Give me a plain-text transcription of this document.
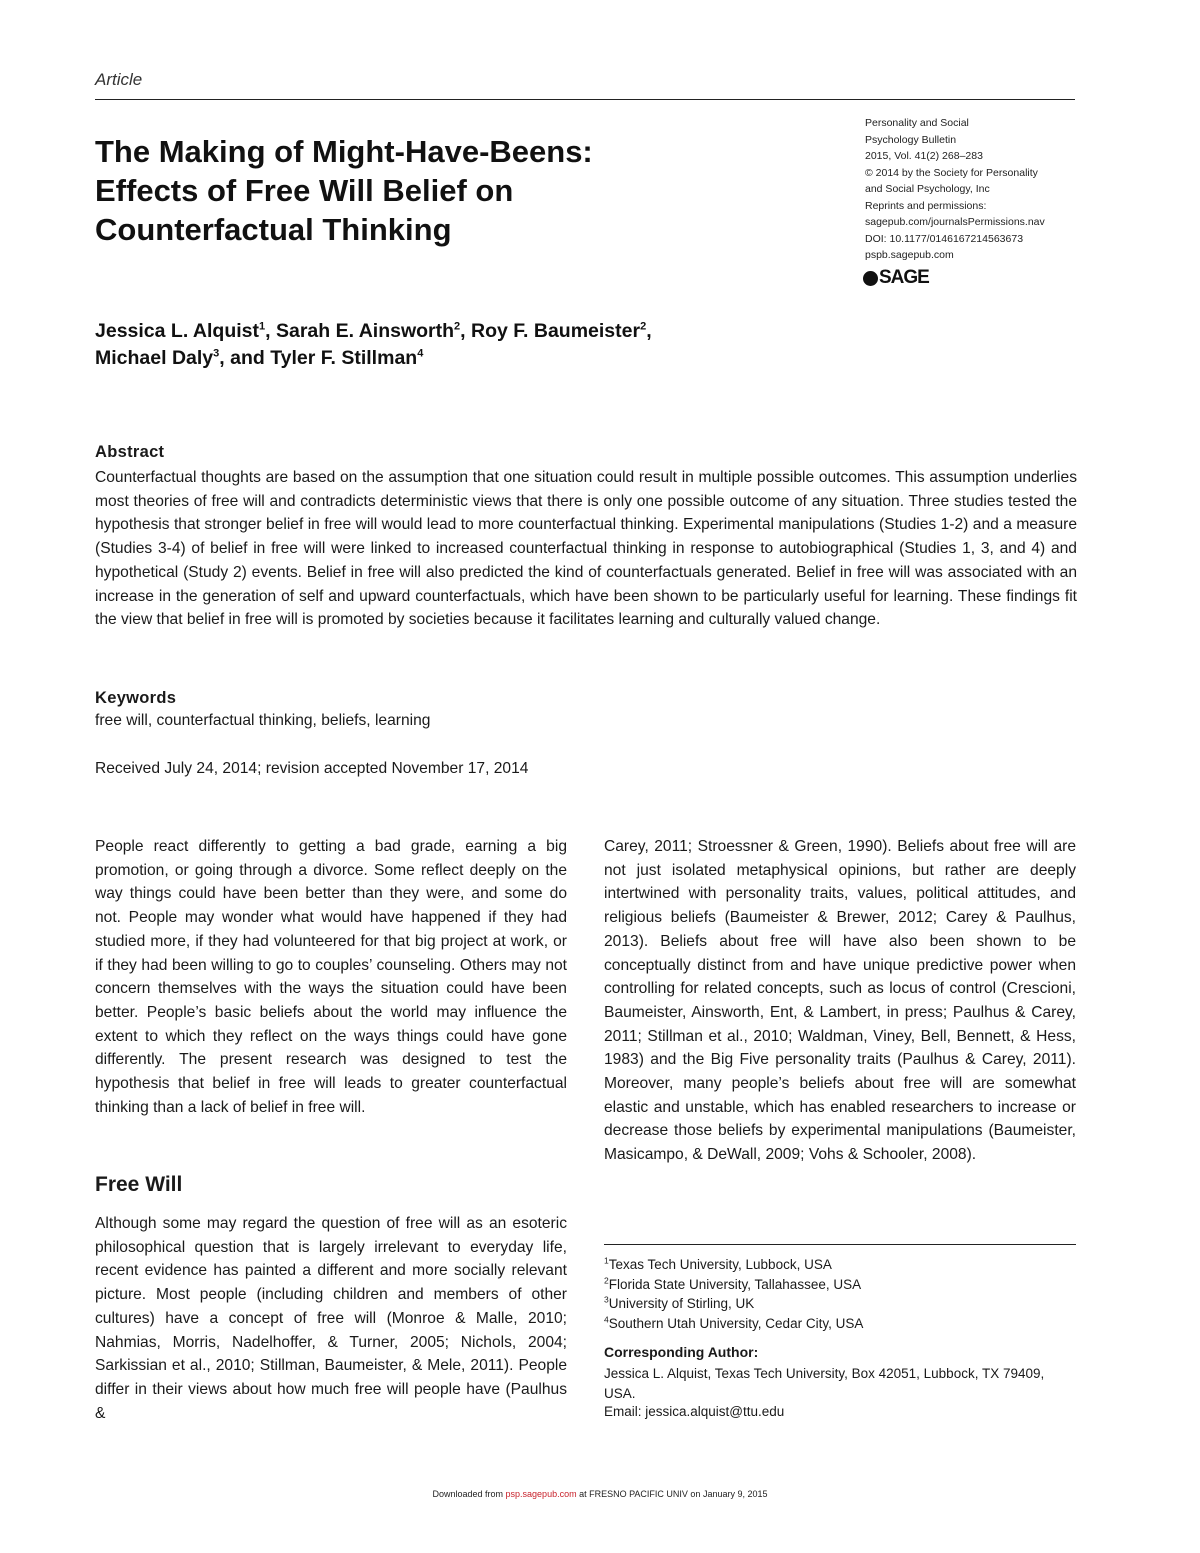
Article
The Making of Might-Have-Beens:
Effects of Free Will Belief on
Counterfactual Thinking
Personality and Social
Psychology Bulletin
2015, Vol. 41(2) 268–283
© 2014 by the Society for Personality
and Social Psychology, Inc
Reprints and permissions:
sagepub.com/journalsPermissions.nav
DOI: 10.1177/0146167214563673
pspb.sagepub.com
SAGE
Jessica L. Alquist$^1$, Sarah E. Ainsworth$^2$, Roy F. Baumeister$^2$,
Michael Daly$^3$, and Tyler F. Stillman$^4$
Abstract
Counterfactual thoughts are based on the assumption that one situation could result in multiple possible outcomes. This assumption underlies most theories of free will and contradicts deterministic views that there is only one possible outcome of any situation. Three studies tested the hypothesis that stronger belief in free will would lead to more counterfactual thinking. Experimental manipulations (Studies 1-2) and a measure (Studies 3-4) of belief in free will were linked to increased counterfactual thinking in response to autobiographical (Studies 1, 3, and 4) and hypothetical (Study 2) events. Belief in free will also predicted the kind of counterfactuals generated. Belief in free will was associated with an increase in the generation of self and upward counterfactuals, which have been shown to be particularly useful for learning. These findings fit the view that belief in free will is promoted by societies because it facilitates learning and culturally valued change.
Keywords
free will, counterfactual thinking, beliefs, learning
Received July 24, 2014; revision accepted November 17, 2014
People react differently to getting a bad grade, earning a big promotion, or going through a divorce. Some reflect deeply on the way things could have been better than they were, and some do not. People may wonder what would have happened if they had studied more, if they had volunteered for that big project at work, or if they had been willing to go to couples’ counseling. Others may not concern themselves with the ways the situation could have been better. People’s basic beliefs about the world may influence the extent to which they reflect on the ways things could have gone differently. The present research was designed to test the hypothesis that belief in free will leads to greater counterfactual thinking than a lack of belief in free will.
Free Will
Although some may regard the question of free will as an esoteric philosophical question that is largely irrelevant to everyday life, recent evidence has painted a different and more socially relevant picture. Most people (including children and members of other cultures) have a concept of free will (Monroe & Malle, 2010; Nahmias, Morris, Nadelhoffer, & Turner, 2005; Nichols, 2004; Sarkissian et al., 2010; Stillman, Baumeister, & Mele, 2011). People differ in their views about how much free will people have (Paulhus &
Carey, 2011; Stroessner & Green, 1990). Beliefs about free will are not just isolated metaphysical opinions, but rather are deeply intertwined with personality traits, values, political attitudes, and religious beliefs (Baumeister & Brewer, 2012; Carey & Paulhus, 2013). Beliefs about free will have also been shown to be conceptually distinct from and have unique predictive power when controlling for related concepts, such as locus of control (Crescioni, Baumeister, Ainsworth, Ent, & Lambert, in press; Paulhus & Carey, 2011; Stillman et al., 2010; Waldman, Viney, Bell, Bennett, & Hess, 1983) and the Big Five personality traits (Paulhus & Carey, 2011). Moreover, many people’s beliefs about free will are somewhat elastic and unstable, which has enabled researchers to increase or decrease those beliefs by experimental manipulations (Baumeister, Masicampo, & DeWall, 2009; Vohs & Schooler, 2008).
$^1$Texas Tech University, Lubbock, USA
$^2$Florida State University, Tallahassee, USA
$^3$University of Stirling, UK
$^4$Southern Utah University, Cedar City, USA
Corresponding Author:
Jessica L. Alquist, Texas Tech University, Box 42051, Lubbock, TX 79409, USA.
Email: jessica.alquist@ttu.edu
Downloaded from psp.sagepub.com at FRESNO PACIFIC UNIV on January 9, 2015
